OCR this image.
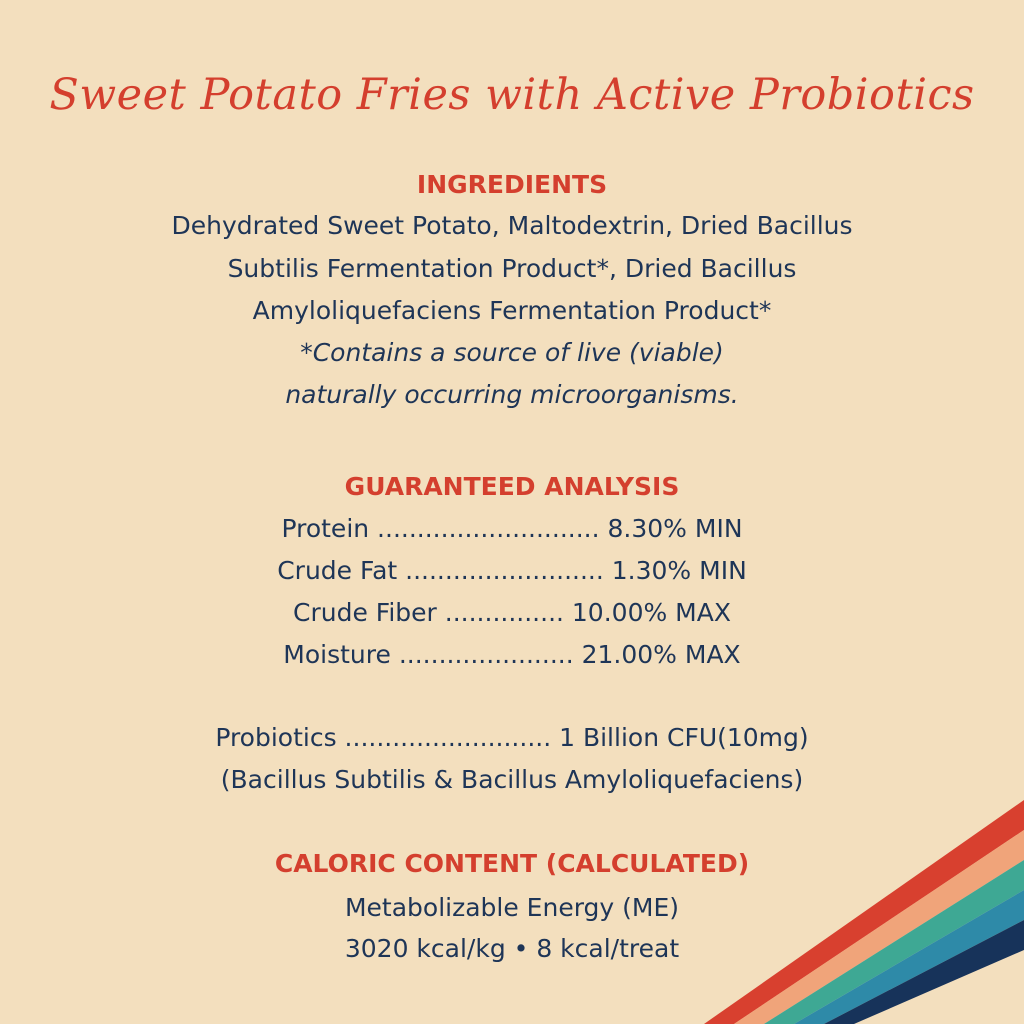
Sweet Potato Fries with Active Probiotics
INGREDIENTS
Dehydrated Sweet Potato, Maltodextrin, Dried Bacillus
Subtilis Fermentation Product*, Dried Bacillus
Amyloliquefaciens Fermentation Product*
*Contains a source of live (viable)
naturally occurring microorganisms.
GUARANTEED ANALYSIS
Protein ............................ 8.30% MIN
Crude Fat ......................... 1.30% MIN
Crude Fiber ............... 10.00% MAX
Moisture ...................... 21.00% MAX
Probiotics .......................... 1 Billion CFU(10mg)
(Bacillus Subtilis & Bacillus Amyloliquefaciens)
CALORIC CONTENT (CALCULATED)
Metabolizable Energy (ME)
3020 kcal/kg • 8 kcal/treat
